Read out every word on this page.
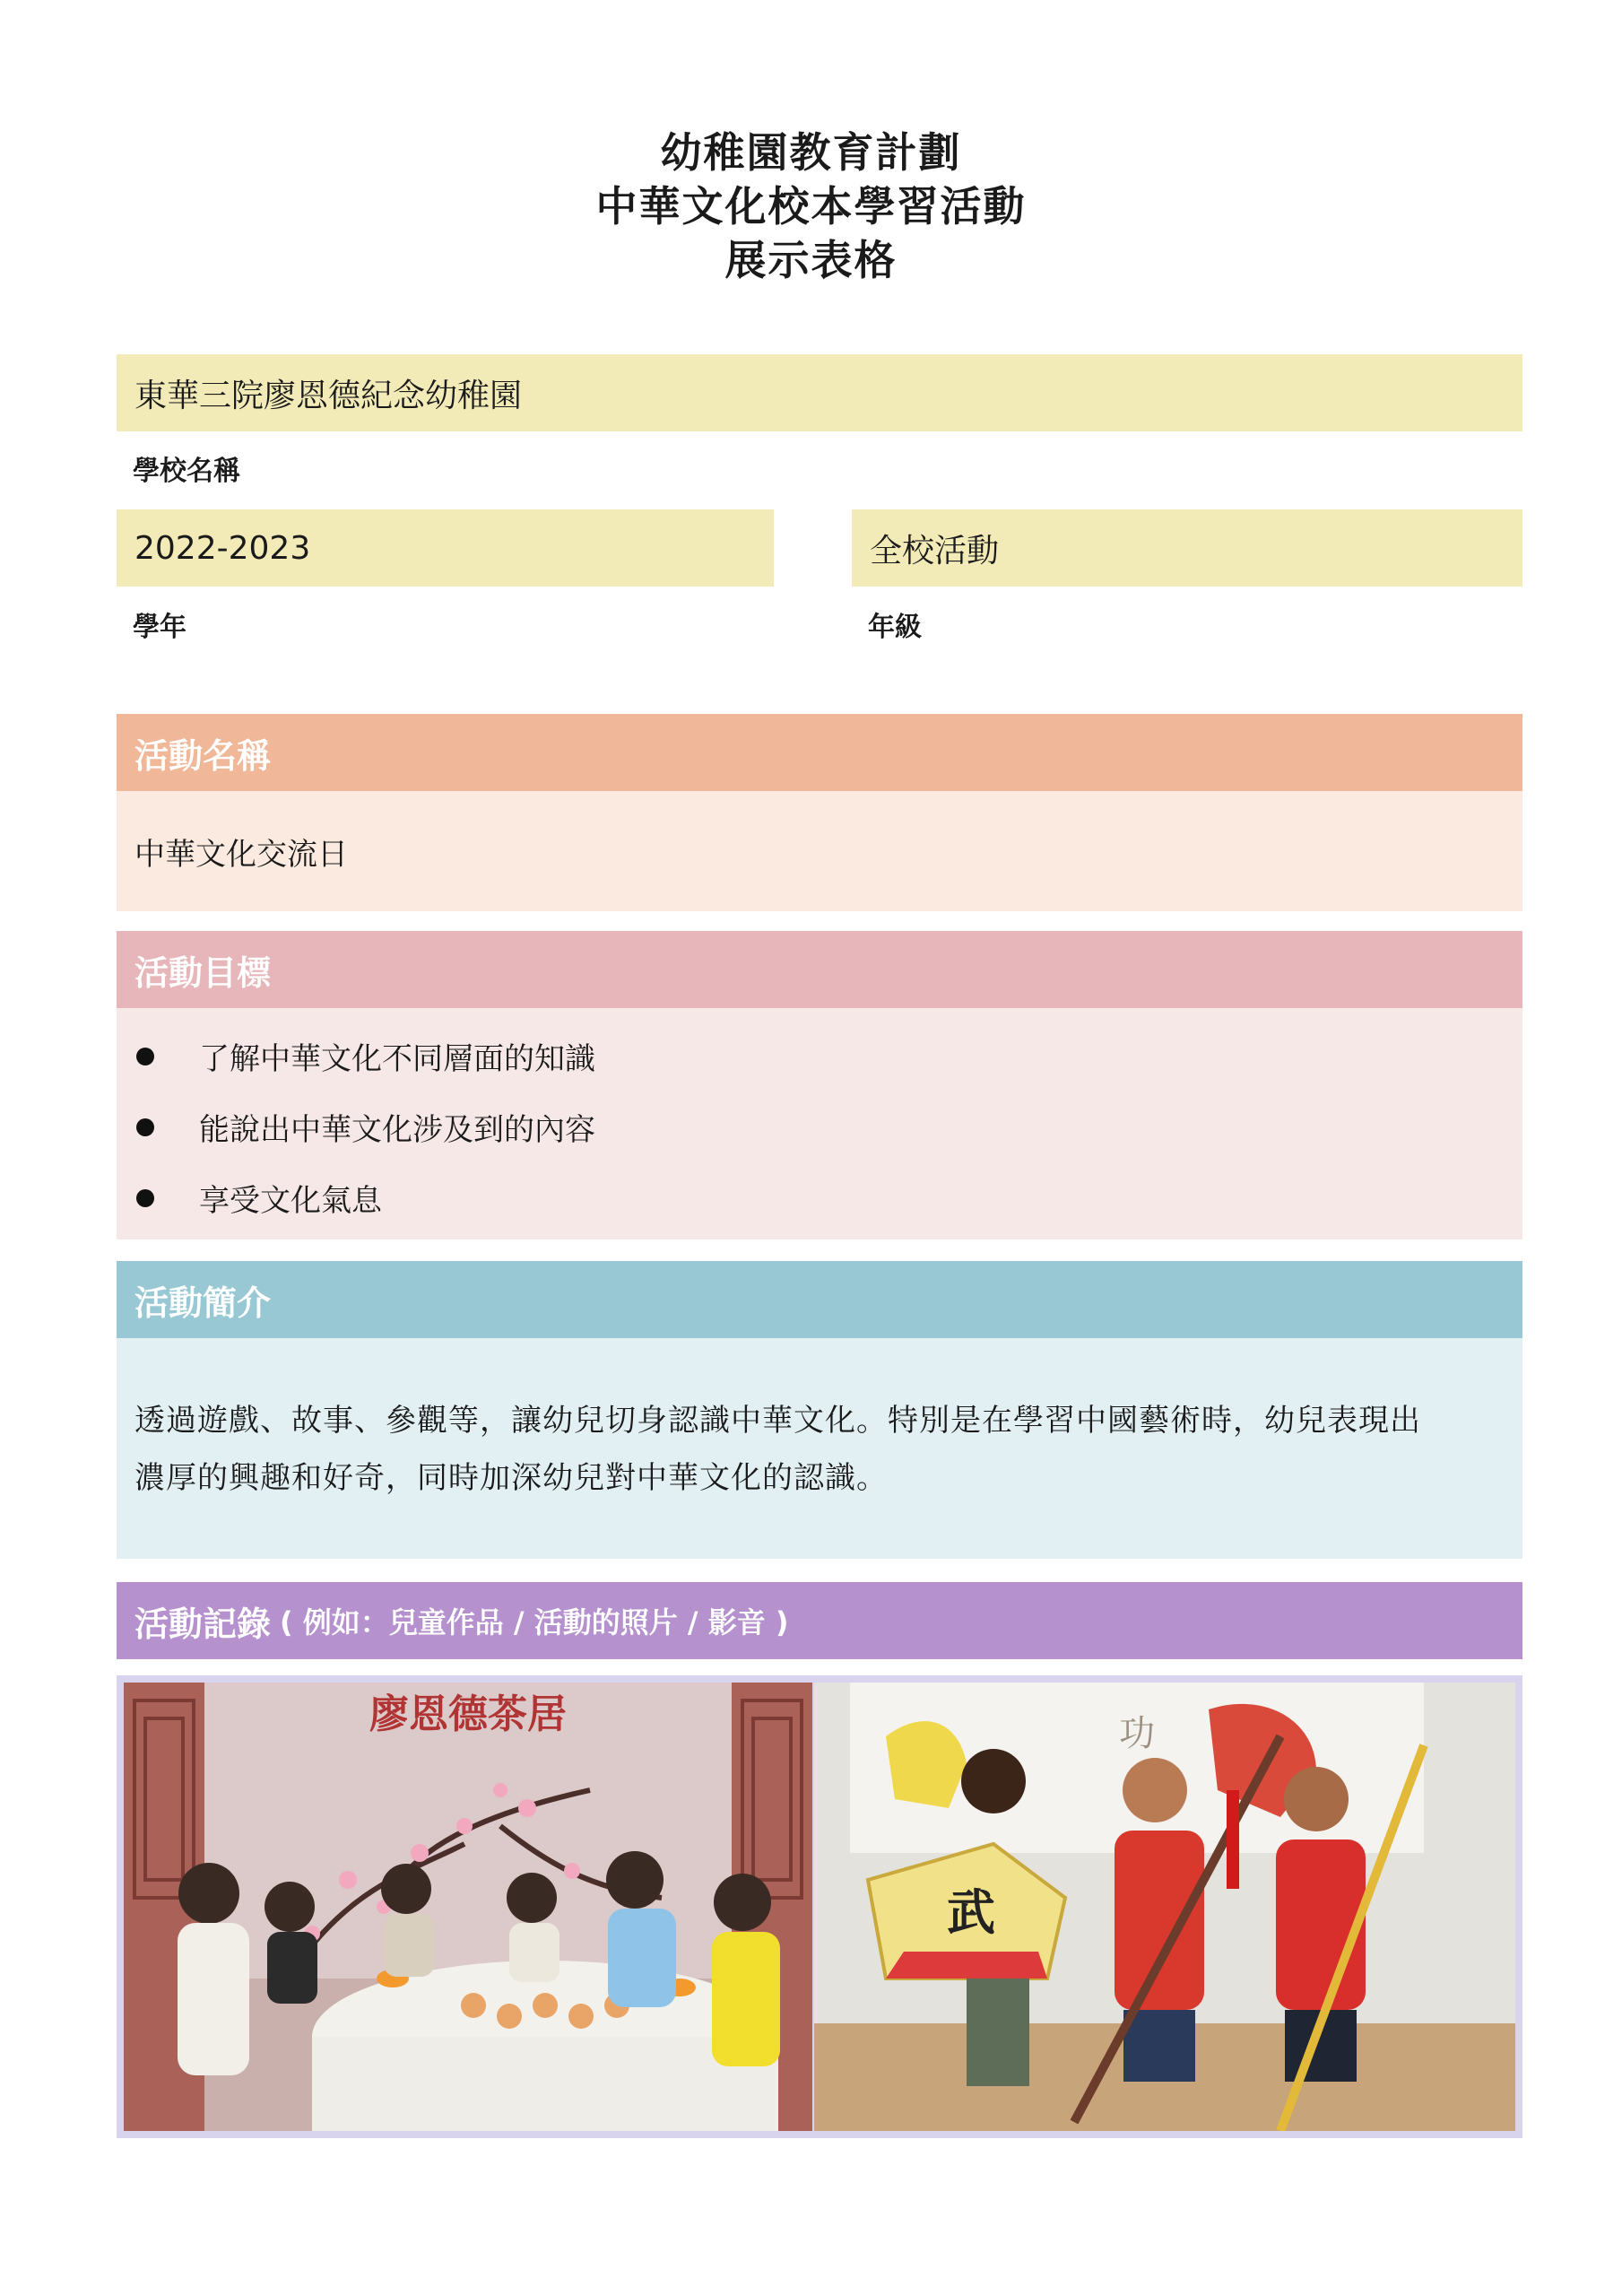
幼稚園教育計劃
中華文化校本學習活動
展示表格
東華三院廖恩德紀念幼稚園
學校名稱
2022-2023
學年
全校活動
年級
活動名稱
中華文化交流日
活動目標
了解中華文化不同層面的知識
能說出中華文化涉及到的內容
享受文化氣息
活動簡介
透過遊戲、故事、參觀等，讓幼兒切身認識中華文化。特別是在學習中國藝術時，幼兒表現出
濃厚的興趣和好奇，同時加深幼兒對中華文化的認識。
活動記錄 ( 例如：兒童作品 / 活動的照片 / 影音 )
廖恩德茶居	功
武
